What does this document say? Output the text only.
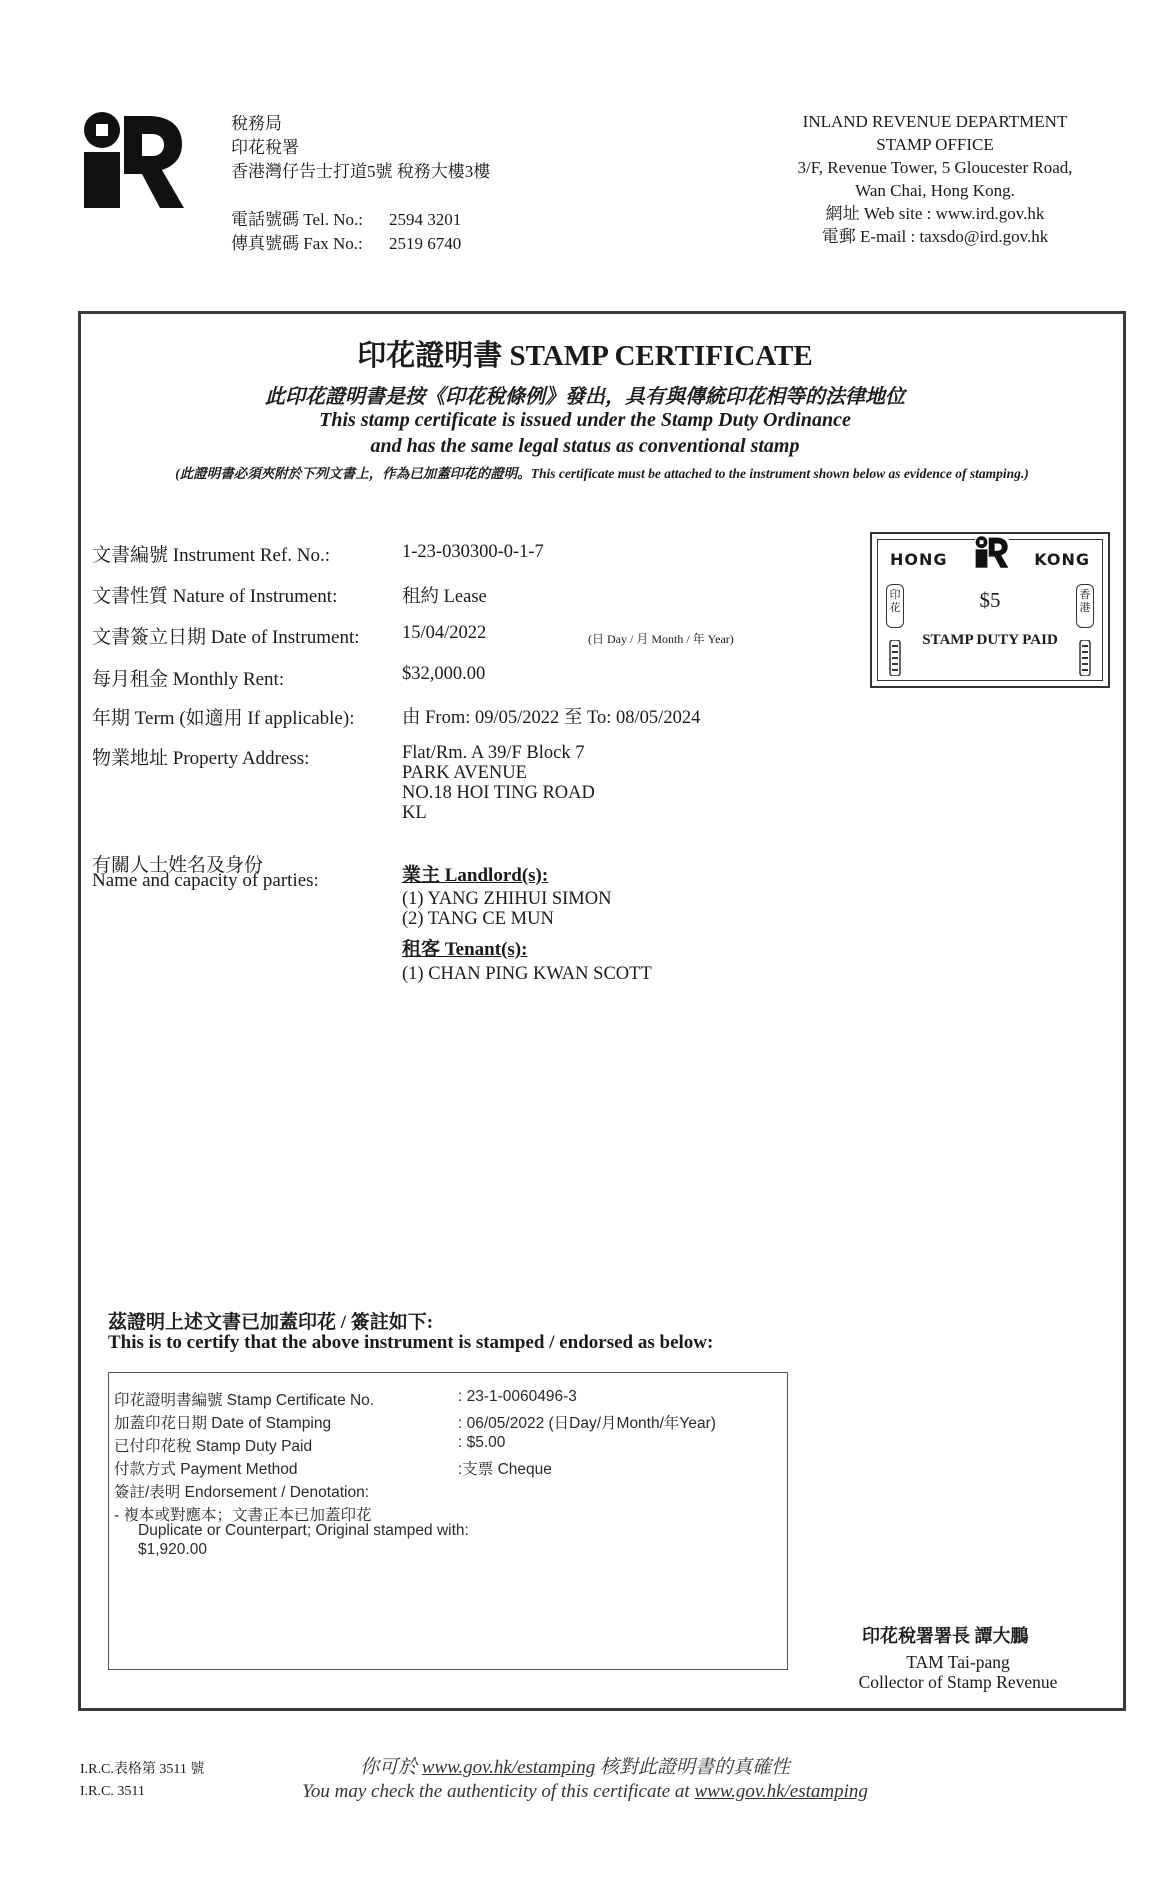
稅務局
印花稅署
香港灣仔告士打道5號 稅務大樓3樓
電話號碼 Tel. No.: 2594 3201
傳真號碼 Fax No.: 2519 6740
INLAND REVENUE DEPARTMENT
STAMP OFFICE
3/F, Revenue Tower, 5 Gloucester Road,
Wan Chai, Hong Kong.
網址 Web site : www.ird.gov.hk
電郵 E-mail : taxsdo@ird.gov.hk
印花證明書 STAMP CERTIFICATE
此印花證明書是按《印花稅條例》發出，具有與傳統印花相等的法律地位
This stamp certificate is issued under the Stamp Duty Ordinance
and has the same legal status as conventional stamp
(此證明書必須夾附於下列文書上，作為已加蓋印花的證明。This certificate must be attached to the instrument shown below as evidence of stamping.)
文書編號 Instrument Ref. No.:	1-23-030300-0-1-7
文書性質 Nature of Instrument:	租約 Lease
文書簽立日期 Date of Instrument: 15/04/2022	(日 Day / 月 Month / 年 Year)
每月租金 Monthly Rent:	$32,000.00
年期 Term (如適用 If applicable):	由 From: 09/05/2022 至 To: 08/05/2024
物業地址 Property Address:	Flat/Rm. A 39/F Block 7
PARK AVENUE
NO.18 HOI TING ROAD
KL
有關人士姓名及身份
Name and capacity of parties:	業主 Landlord(s):
(1) YANG ZHIHUI SIMON
(2) TANG CE MUN
租客 Tenant(s):
(1) CHAN PING KWAN SCOTT
HONG	KONG
印花
香港
$5
STAMP DUTY PAID
茲證明上述文書已加蓋印花 / 簽註如下:
This is to certify that the above instrument is stamped / endorsed as below:
印花證明書編號 Stamp Certificate No.	: 23-1-0060496-3
加蓋印花日期 Date of Stamping	: 06/05/2022 (日Day/月Month/年Year)
已付印花稅 Stamp Duty Paid	: $5.00
付款方式 Payment Method	:支票 Cheque
簽註/表明 Endorsement / Denotation:
- 複本或對應本；文書正本已加蓋印花
Duplicate or Counterpart; Original stamped with:
$1,920.00
印花稅署署長 譚大鵬
TAM Tai-pang
Collector of Stamp Revenue
I.R.C.表格第 3511 號
I.R.C. 3511
你可於 www.gov.hk/estamping 核對此證明書的真確性
You may check the authenticity of this certificate at www.gov.hk/estamping
